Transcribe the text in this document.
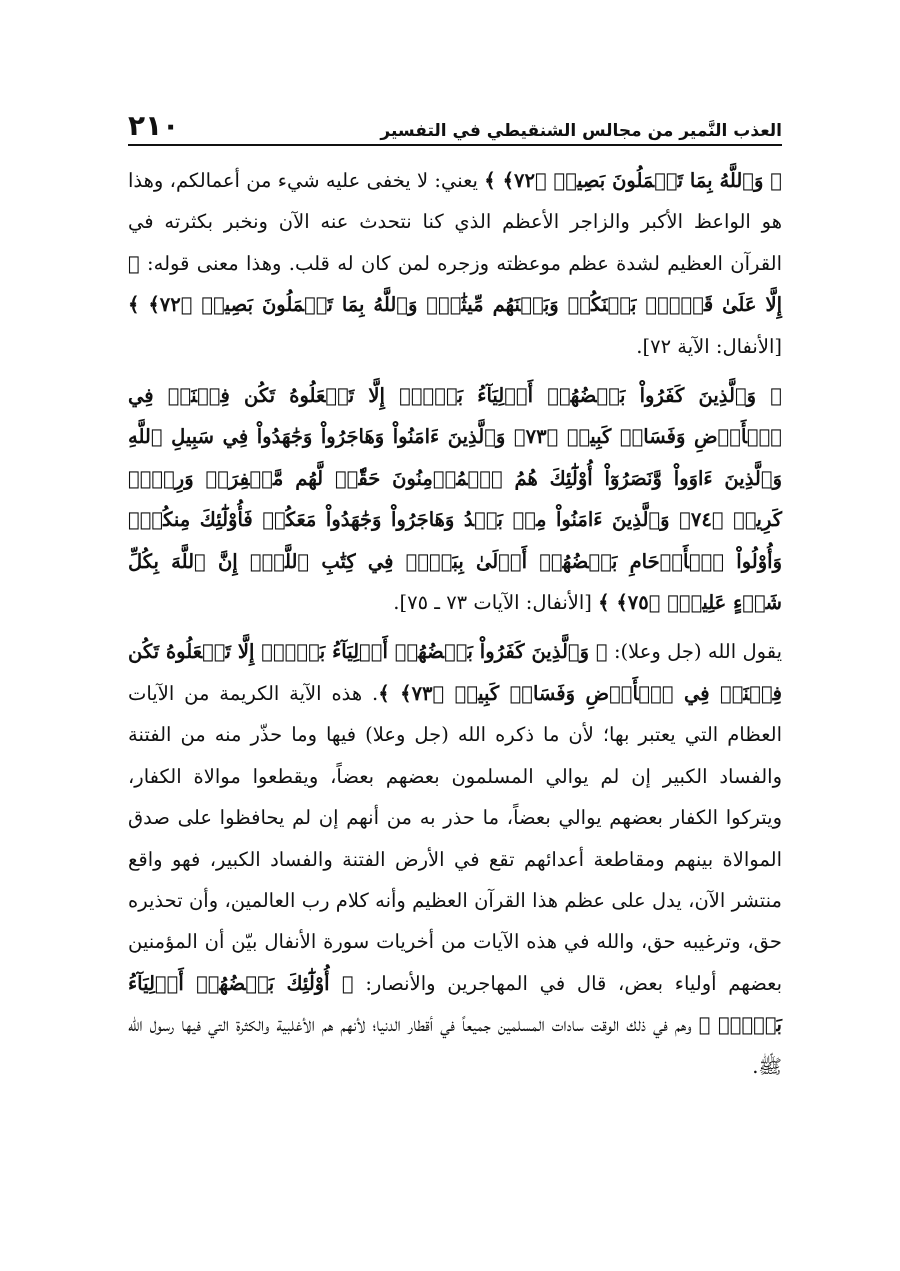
العذب النَّمير من مجالس الشنقيطي في التفسير
٢١٠

﴿ وَٱللَّهُ بِمَا تَعۡمَلُونَ بَصِيرٞ ﴿٧٢﴾ ﴾ يعني: لا يخفى عليه شيء من أعمالكم، وهذا هو الواعظ الأكبر والزاجر الأعظم الذي كنا نتحدث عنه الآن ونخبر بكثرته في القرآن العظيم لشدة عظم موعظته وزجره لمن كان له قلب. وهذا معنى قوله: ﴿ إِلَّا عَلَىٰ قَوۡمِۭ بَيۡنَكُمۡ وَبَيۡنَهُم مِّيثَٰقٞۗ وَٱللَّهُ بِمَا تَعۡمَلُونَ بَصِيرٞ ﴿٧٢﴾ ﴾ [الأنفال: الآية ٧٢].

﴿ وَٱلَّذِينَ كَفَرُواْ بَعۡضُهُمۡ أَوۡلِيَآءُ بَعۡضٍۚ إِلَّا تَفۡعَلُوهُ تَكُن فِتۡنَةٞ فِي ٱلۡأَرۡضِ وَفَسَادٞ كَبِيرٞ ﴿٧٣﴾ وَٱلَّذِينَ ءَامَنُواْ وَهَاجَرُواْ وَجَٰهَدُواْ فِي سَبِيلِ ٱللَّهِ وَٱلَّذِينَ ءَاوَواْ وَّنَصَرُوٓاْ أُوْلَٰٓئِكَ هُمُ ٱلۡمُؤۡمِنُونَ حَقّٗاۚ لَّهُم مَّغۡفِرَةٞ وَرِزۡقٞ كَرِيمٞ ﴿٧٤﴾ وَٱلَّذِينَ ءَامَنُواْ مِنۢ بَعۡدُ وَهَاجَرُواْ وَجَٰهَدُواْ مَعَكُمۡ فَأُوْلَٰٓئِكَ مِنكُمۡۚ وَأُوْلُواْ ٱلۡأَرۡحَامِ بَعۡضُهُمۡ أَوۡلَىٰ بِبَعۡضٖ فِي كِتَٰبِ ٱللَّهِۚ إِنَّ ٱللَّهَ بِكُلِّ شَيۡءٍ عَلِيمُۢ ﴿٧٥﴾ ﴾ [الأنفال: الآيات ٧٣ ـ ٧٥].

يقول الله (جل وعلا): ﴿ وَٱلَّذِينَ كَفَرُواْ بَعۡضُهُمۡ أَوۡلِيَآءُ بَعۡضٍۚ إِلَّا تَفۡعَلُوهُ تَكُن فِتۡنَةٞ فِي ٱلۡأَرۡضِ وَفَسَادٞ كَبِيرٞ ﴿٧٣﴾ ﴾. هذه الآية الكريمة من الآيات العظام التي يعتبر بها؛ لأن ما ذكره الله (جل وعلا) فيها وما حذّر منه من الفتنة والفساد الكبير إن لم يوالي المسلمون بعضهم بعضاً، ويقطعوا موالاة الكفار، ويتركوا الكفار بعضهم يوالي بعضاً، ما حذر به من أنهم إن لم يحافظوا على صدق الموالاة بينهم ومقاطعة أعدائهم تقع في الأرض الفتنة والفساد الكبير، فهو واقع منتشر الآن، يدل على عظم هذا القرآن العظيم وأنه كلام رب العالمين، وأن تحذيره حق، وترغيبه حق، والله في هذه الآيات من أخريات سورة الأنفال بيّن أن المؤمنين بعضهم أولياء بعض، قال في المهاجرين والأنصار: ﴿ أُوْلَٰٓئِكَ بَعۡضُهُمۡ أَوۡلِيَآءُ بَعۡضٖۚ ﴾ وهم في ذلك الوقت سادات المسلمين جميعاً في أقطار الدنيا؛ لأنهم هم الأغلبية والكثرة التي فيها رسول الله ﷺ.
